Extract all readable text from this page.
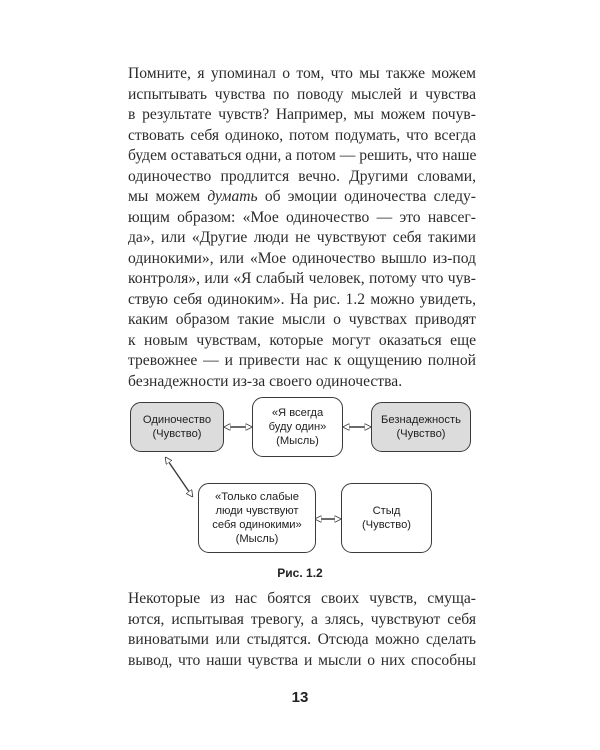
Помните, я упоминал о том, что мы также можем
испытывать чувства по поводу мыслей и чувства
в результате чувств? Например, мы можем почув-
ствовать себя одиноко, потом подумать, что всегда
будем оставаться одни, а потом — решить, что наше
одиночество продлится вечно. Другими словами,
мы можем думать об эмоции одиночества следу-
ющим образом: «Мое одиночество — это навсег-
да», или «Другие люди не чувствуют себя такими
одинокими», или «Мое одиночество вышло из-под
контроля», или «Я слабый человек, потому что чув-
ствую себя одиноким». На рис. 1.2 можно увидеть,
каким образом такие мысли о чувствах приводят
к новым чувствам, которые могут оказаться еще
тревожнее — и привести нас к ощущению полной
безнадежности из-за своего одиночества.

Одиночество
(Чувство)
«Я всегда
буду один»
(Мысль)
Безнадежность
(Чувство)
«Только слабые
люди чувствуют
себя одинокими»
(Мысль)
Стыд
(Чувство)
Рис. 1.2

Некоторые из нас боятся своих чувств, смуща-
ются, испытывая тревогу, а злясь, чувствуют себя
виноватыми или стыдятся. Отсюда можно сделать
вывод, что наши чувства и мысли о них способны

13
